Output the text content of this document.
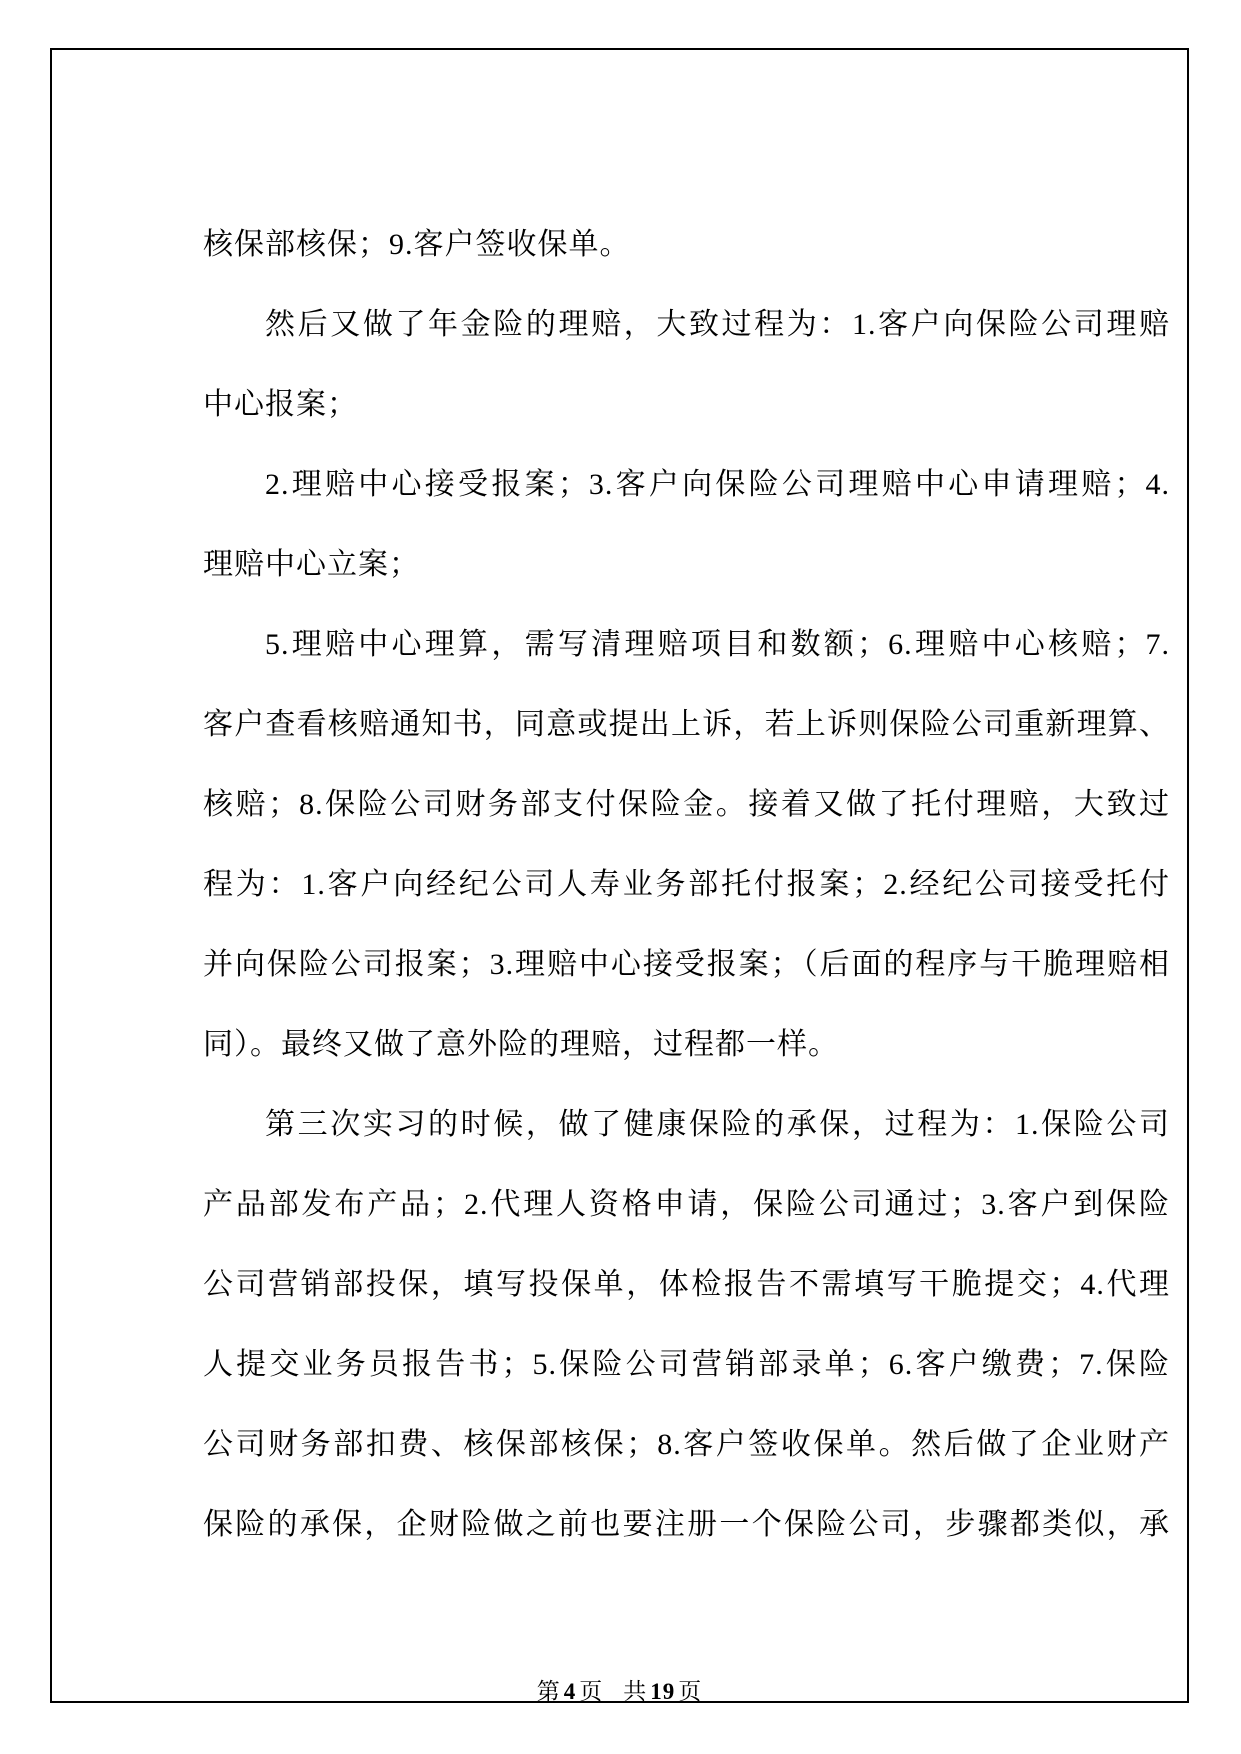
核保部核保；9.客户签收保单。
然后又做了年金险的理赔，大致过程为：1.客户向保险公司理赔
中心报案；
2.理赔中心接受报案；3.客户向保险公司理赔中心申请理赔；4.
理赔中心立案；
5.理赔中心理算，需写清理赔项目和数额；6.理赔中心核赔；7.
客户查看核赔通知书，同意或提出上诉，若上诉则保险公司重新理算、
核赔；8.保险公司财务部支付保险金。接着又做了托付理赔，大致过
程为：1.客户向经纪公司人寿业务部托付报案；2.经纪公司接受托付
并向保险公司报案；3.理赔中心接受报案；（后面的程序与干脆理赔相
同）。最终又做了意外险的理赔，过程都一样。
第三次实习的时候，做了健康保险的承保，过程为：1.保险公司
产品部发布产品；2.代理人资格申请，保险公司通过；3.客户到保险
公司营销部投保，填写投保单，体检报告不需填写干脆提交；4.代理
人提交业务员报告书；5.保险公司营销部录单；6.客户缴费；7.保险
公司财务部扣费、核保部核保；8.客户签收保单。然后做了企业财产
保险的承保，企财险做之前也要注册一个保险公司，步骤都类似，承
第 4 页 共 19 页
